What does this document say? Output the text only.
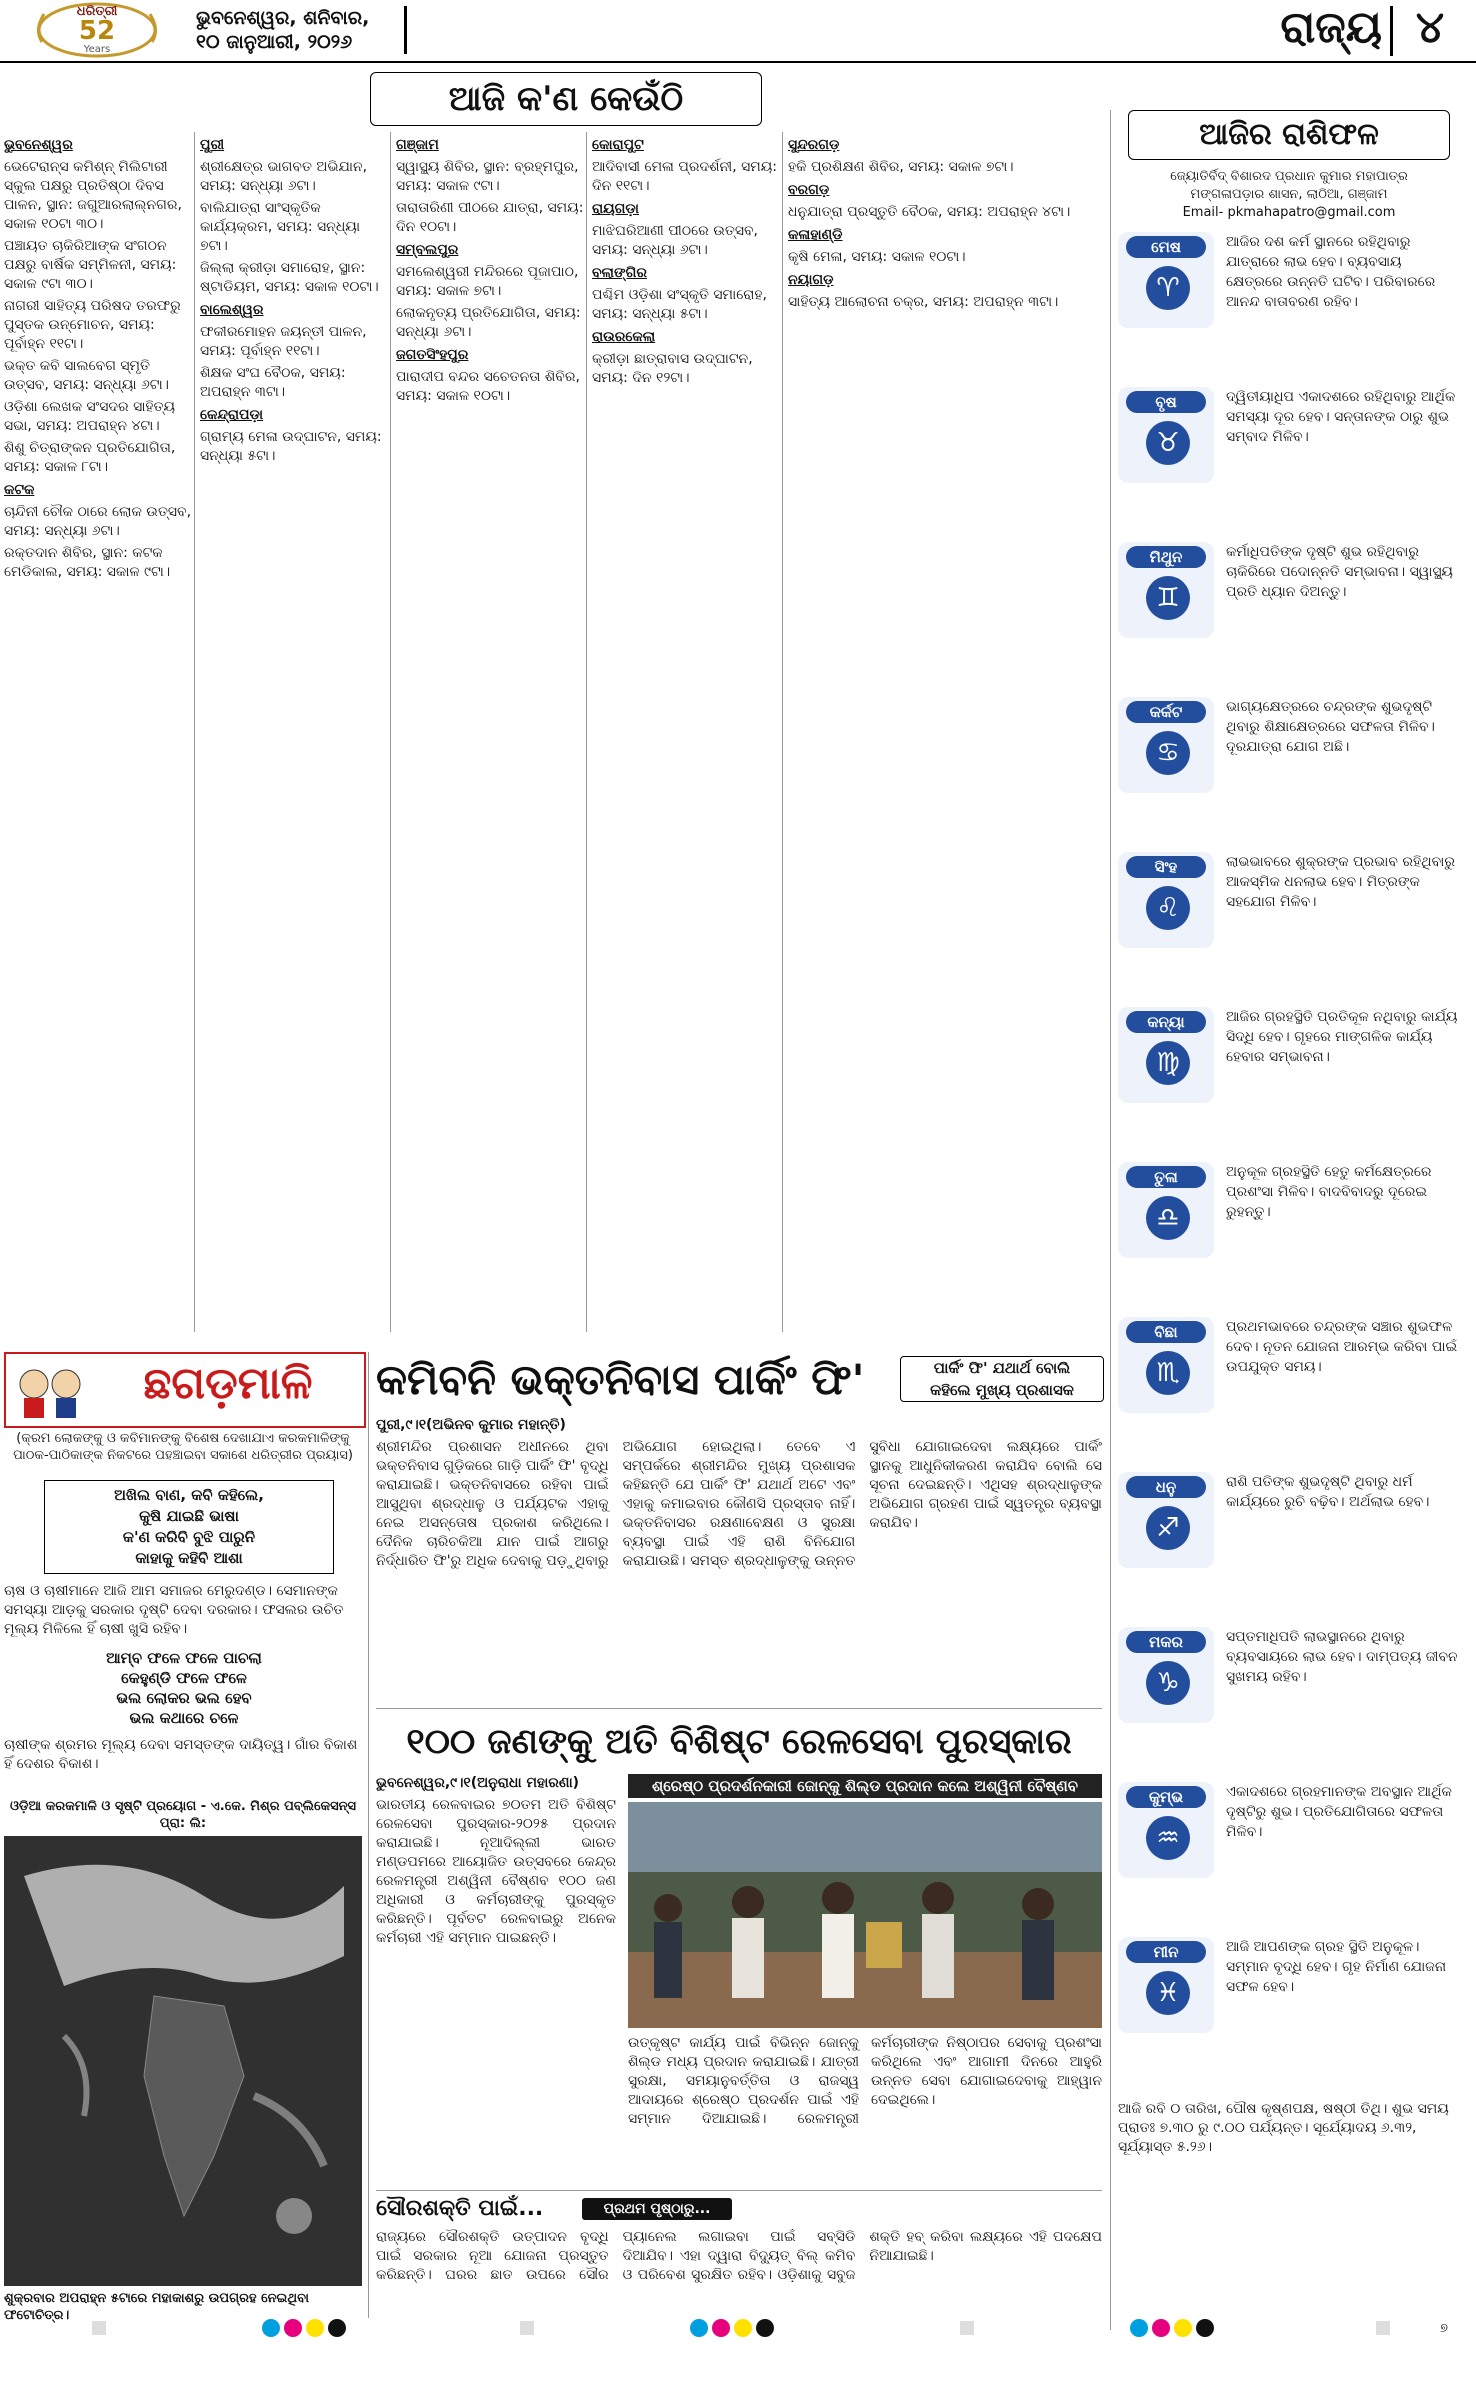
ଧରିତ୍ରୀ
52
Years
ଭୁବନେଶ୍ୱର, ଶନିବାର,
୧୦ ଜାନୁଆରୀ, ୨୦୨୬	ରାଜ୍ୟ ୪
ଆଜି କ'ଣ କେଉଁଠି

ଭୁବନେଶ୍ୱର

ଭେଟେରାନ୍ସ କମିଶ୍ନ୍ ମିଲିଟାରୀ ସ୍କୁଲ ପକ୍ଷରୁ ପ୍ରତିଷ୍ଠା ଦିବସ ପାଳନ, ସ୍ଥାନ: ଜଗୁଆରଲାଲ୍ନଗର, ସକାଳ ୧୦ଟା ୩୦।

ପଞ୍ଚାୟତ ଚାକିରିଆଙ୍କ ସଂଗଠନ ପକ୍ଷରୁ ବାର୍ଷିକ ସମ୍ମିଳନୀ, ସମୟ: ସକାଳ ୯ଟା ୩୦।

ନାଗରୀ ସାହିତ୍ୟ ପରିଷଦ ତରଫରୁ ପୁସ୍ତକ ଉନ୍ମୋଚନ, ସମୟ: ପୂର୍ବାହ୍ନ ୧୧ଟା।

ଭକ୍ତ କବି ସାଲବେଗ ସ୍ମୃତି ଉତ୍ସବ, ସମୟ: ସନ୍ଧ୍ୟା ୬ଟା।

ଓଡ଼ିଶା ଲେଖକ ସଂସଦର ସାହିତ୍ୟ ସଭା, ସମୟ: ଅପରାହ୍ନ ୪ଟା।

ଶିଶୁ ଚିତ୍ରାଙ୍କନ ପ୍ରତିଯୋଗିତା, ସମୟ: ସକାଳ ୮ଟା।

କଟକ

ଚାନ୍ଦିନୀ ଚୌକ ଠାରେ ଲୋକ ଉତ୍ସବ, ସମୟ: ସନ୍ଧ୍ୟା ୬ଟା।

ରକ୍ତଦାନ ଶିବିର, ସ୍ଥାନ: କଟକ ମେଡିକାଲ, ସମୟ: ସକାଳ ୯ଟା।

ପୁରୀ

ଶ୍ରୀକ୍ଷେତ୍ର ଭାଗବତ ଅଭିଯାନ, ସମୟ: ସନ୍ଧ୍ୟା ୬ଟା।

ବାଲିଯାତ୍ରା ସାଂସ୍କୃତିକ କାର୍ଯ୍ୟକ୍ରମ, ସମୟ: ସନ୍ଧ୍ୟା ୭ଟା।

ଜିଲ୍ଲା କ୍ରୀଡ଼ା ସମାରୋହ, ସ୍ଥାନ: ଷ୍ଟାଡିୟମ, ସମୟ: ସକାଳ ୧୦ଟା।

ବାଲେଶ୍ୱର

ଫକୀରମୋହନ ଜୟନ୍ତୀ ପାଳନ, ସମୟ: ପୂର୍ବାହ୍ନ ୧୧ଟା।

ଶିକ୍ଷକ ସଂଘ ବୈଠକ, ସମୟ: ଅପରାହ୍ନ ୩ଟା।

କେନ୍ଦ୍ରାପଡ଼ା

ଗ୍ରାମ୍ୟ ମେଳା ଉଦ୍‌ଘାଟନ, ସମୟ: ସନ୍ଧ୍ୟା ୫ଟା।

ଗଞ୍ଜାମ

ସ୍ୱାସ୍ଥ୍ୟ ଶିବିର, ସ୍ଥାନ: ବ୍ରହ୍ମପୁର, ସମୟ: ସକାଳ ୯ଟା।

ତାରାତାରିଣୀ ପୀଠରେ ଯାତ୍ରା, ସମୟ: ଦିନ ୧୦ଟା।

ସମ୍ବଲପୁର

ସମଲେଶ୍ୱରୀ ମନ୍ଦିରରେ ପୂଜାପାଠ, ସମୟ: ସକାଳ ୭ଟା।

ଲୋକନୃତ୍ୟ ପ୍ରତିଯୋଗିତା, ସମୟ: ସନ୍ଧ୍ୟା ୬ଟା।

ଜଗତସିଂହପୁର

ପାରାଦୀପ ବନ୍ଦର ସଚେତନତା ଶିବିର, ସମୟ: ସକାଳ ୧୦ଟା।

କୋରାପୁଟ

ଆଦିବାସୀ ମେଳା ପ୍ରଦର୍ଶନୀ, ସମୟ: ଦିନ ୧୧ଟା।

ରାୟଗଡ଼ା

ମାଝିଘରିଆଣୀ ପୀଠରେ ଉତ୍ସବ, ସମୟ: ସନ୍ଧ୍ୟା ୬ଟା।

ବଲାଙ୍ଗିର

ପଶ୍ଚିମ ଓଡ଼ିଶା ସଂସ୍କୃତି ସମାରୋହ, ସମୟ: ସନ୍ଧ୍ୟା ୫ଟା।

ରାଉରକେଲା

କ୍ରୀଡ଼ା ଛାତ୍ରାବାସ ଉଦ୍‌ଘାଟନ, ସମୟ: ଦିନ ୧୨ଟା।

ସୁନ୍ଦରଗଡ଼

ହକି ପ୍ରଶିକ୍ଷଣ ଶିବିର, ସମୟ: ସକାଳ ୭ଟା।

ବରଗଡ଼

ଧନୁଯାତ୍ରା ପ୍ରସ୍ତୁତି ବୈଠକ, ସମୟ: ଅପରାହ୍ନ ୪ଟା।

କଳାହାଣ୍ଡି

କୃଷି ମେଳା, ସମୟ: ସକାଳ ୧୦ଟା।

ନୟାଗଡ଼

ସାହିତ୍ୟ ଆଲୋଚନା ଚକ୍ର, ସମୟ: ଅପରାହ୍ନ ୩ଟା।

ଆଜିର ରାଶିଫଳ
ଜ୍ୟୋତିର୍ବିଦ୍‌ ବିଶାରଦ ପ୍ରଧାନ କୁମାର ମହାପାତ୍ର
ମଙ୍ଗଳାପଡ଼ାର ଶାସନ, ଲାଠିଆ, ଗଞ୍ଜାମ
Email- pkmahapatro@gmail.com
ମେଷ
♈
ଆଜିର ଦଶ କର୍ମ ସ୍ଥାନରେ ରହିଥିବାରୁ ଯାତ୍ରାରେ ଲାଭ ହେବ। ବ୍ୟବସାୟ କ୍ଷେତ୍ରରେ ଉନ୍ନତି ଘଟିବ। ପରିବାରରେ ଆନନ୍ଦ ବାତାବରଣ ରହିବ।
ବୃଷ
♉
ଦ୍ୱିତୀୟାଧିପ ଏକାଦଶରେ ରହିଥିବାରୁ ଆର୍ଥିକ ସମସ୍ୟା ଦୂର ହେବ। ସନ୍ତାନଙ୍କ ଠାରୁ ଶୁଭ ସମ୍ବାଦ ମିଳିବ।
ମିଥୁନ
♊
କର୍ମାଧିପତିଙ୍କ ଦୃଷ୍ଟି ଶୁଭ ରହିଥିବାରୁ ଚାକିରିରେ ପଦୋନ୍ନତି ସମ୍ଭାବନା। ସ୍ୱାସ୍ଥ୍ୟ ପ୍ରତି ଧ୍ୟାନ ଦିଅନ୍ତୁ।
କର୍କଟ
♋
ଭାଗ୍ୟକ୍ଷେତ୍ରରେ ଚନ୍ଦ୍ରଙ୍କ ଶୁଭଦୃଷ୍ଟି ଥିବାରୁ ଶିକ୍ଷାକ୍ଷେତ୍ରରେ ସଫଳତା ମିଳିବ। ଦୂରଯାତ୍ରା ଯୋଗ ଅଛି।
ସିଂହ
♌
ଲାଭଭାବରେ ଶୁକ୍ରଙ୍କ ପ୍ରଭାବ ରହିଥିବାରୁ ଆକସ୍ମିକ ଧନଲାଭ ହେବ। ମିତ୍ରଙ୍କ ସହଯୋଗ ମିଳିବ।
କନ୍ୟା
♍
ଆଜିର ଗ୍ରହସ୍ଥିତି ପ୍ରତିକୂଳ ନଥିବାରୁ କାର୍ଯ୍ୟ ସିଦ୍ଧି ହେବ। ଗୃହରେ ମାଙ୍ଗଳିକ କାର୍ଯ୍ୟ ହେବାର ସମ୍ଭାବନା।
ତୁଳା
♎
ଅନୁକୂଳ ଗ୍ରହସ୍ଥିତି ହେତୁ କର୍ମକ୍ଷେତ୍ରରେ ପ୍ରଶଂସା ମିଳିବ। ବାଦବିବାଦରୁ ଦୂରେଇ ରୁହନ୍ତୁ।
ବିଛା
♏
ପ୍ରଥମଭାବରେ ଚନ୍ଦ୍ରଙ୍କ ସଞ୍ଚାର ଶୁଭଫଳ ଦେବ। ନୂତନ ଯୋଜନା ଆରମ୍ଭ କରିବା ପାଇଁ ଉପଯୁକ୍ତ ସମୟ।
ଧନୁ
♐
ରାଶି ପତିଙ୍କ ଶୁଭଦୃଷ୍ଟି ଥିବାରୁ ଧର୍ମ କାର୍ଯ୍ୟରେ ରୁଚି ବଢ଼ିବ। ଅର୍ଥଲାଭ ହେବ।
ମକର
♑
ସପ୍ତମାଧିପତି ଲାଭସ୍ଥାନରେ ଥିବାରୁ ବ୍ୟବସାୟରେ ଲାଭ ହେବ। ଦାମ୍ପତ୍ୟ ଜୀବନ ସୁଖମୟ ରହିବ।
କୁମ୍ଭ
♒
ଏକାଦଶରେ ଗ୍ରହମାନଙ୍କ ଅବସ୍ଥାନ ଆର୍ଥିକ ଦୃଷ୍ଟିରୁ ଶୁଭ। ପ୍ରତିଯୋଗିତାରେ ସଫଳତା ମିଳିବ।
ମୀନ
♓
ଆଜି ଆପଣଙ୍କ ଗ୍ରହ ସ୍ଥିତି ଅନୁକୂଳ। ସମ୍ମାନ ବୃଦ୍ଧି ହେବ। ଗୃହ ନିର୍ମାଣ ଯୋଜନା ସଫଳ ହେବ।
ଆଜି ରବି ୦ ତାରିଖ, ପୌଷ କୃଷ୍ଣପକ୍ଷ, ଷଷ୍ଠୀ ତିଥି। ଶୁଭ ସମୟ ପ୍ରାତଃ ୭.୩୦ ରୁ ୯.୦୦ ପର୍ଯ୍ୟନ୍ତ। ସୂର୍ଯ୍ୟୋଦୟ ୬.୩୨, ସୂର୍ଯ୍ୟାସ୍ତ ୫.୨୬।
ଛଗଡ଼ମାଳି
(କ୍ରମ ଲୋକଙ୍କୁ ଓ କବିମାନଙ୍କୁ ବିଶେଷ ଦେଖାଯାଏ କରକମାଳିଙ୍କୁ ପାଠକ-ପାଠିକାଙ୍କ ନିକଟରେ ପହଞ୍ଚାଇବା ସକାଶେ ଧରିତ୍ରୀର ପ୍ରୟାସ)
ଅଖିଲ ବାଣ, କବି କହିଲେ,
କୁଷି ଯାଇଛି ଭାଷା
କ'ଣ କରିବି ବୁଝି ପାରୁନି
କାହାକୁ କହିବି ଆଶା
ଚାଷ ଓ ଚାଷୀମାନେ ଆଜି ଆମ ସମାଜର ମେରୁଦଣ୍ଡ। ସେମାନଙ୍କ ସମସ୍ୟା ଆଡ଼କୁ ସରକାର ଦୃଷ୍ଟି ଦେବା ଦରକାର। ଫସଲର ଉଚିତ ମୂଲ୍ୟ ମିଳିଲେ ହିଁ ଚାଷୀ ଖୁସି ରହିବ।
ଆମ୍ବ ଫଳେ ଫଳେ ପାଚଲା
କେହୁଣ୍ଡି ଫଳେ ଫଳେ
ଭଲ ଲୋକର ଭଲ ହେବ
ଭଲ କଥାରେ ଚଳେ
ଚାଷୀଙ୍କ ଶ୍ରମର ମୂଲ୍ୟ ଦେବା ସମସ୍ତଙ୍କ ଦାୟିତ୍ୱ। ଗାଁର ବିକାଶ ହିଁ ଦେଶର ବିକାଶ।
ଓଡ଼ିଆ କରକମାଳି ଓ ସୃଷ୍ଟି ପ୍ରୟୋଗ - ଏ.କେ. ମିଶ୍ର ପବ୍ଲିକେସନ୍ସ ପ୍ରା: ଲି:
ଶୁକ୍ରବାର ଅପରାହ୍ନ ୫ଟାରେ ମହାକାଶରୁ ଉପଗ୍ରହ ନେଇଥିବା ଫଟୋଚିତ୍ର।
କମିବନି ଭକ୍ତନିବାସ ପାର୍କିଂ ଫି'	ପାର୍କିଂ ଫି' ଯଥାର୍ଥ ବୋଲି
କହିଲେ ମୁଖ୍ୟ ପ୍ରଶାସକ
ପୁରୀ,୯।୧(ଅଭିନବ କୁମାର ମହାନ୍ତି)
ଶ୍ରୀମନ୍ଦିର ପ୍ରଶାସନ ଅଧୀନରେ ଥିବା ଭକ୍ତନିବାସ ଗୁଡ଼ିକରେ ଗାଡ଼ି ପାର୍କିଂ ଫି' ବୃଦ୍ଧି କରାଯାଇଛି। ଭକ୍ତନିବାସରେ ରହିବା ପାଇଁ ଆସୁଥିବା ଶ୍ରଦ୍ଧାଳୁ ଓ ପର୍ଯ୍ୟଟକ ଏହାକୁ ନେଇ ଅସନ୍ତୋଷ ପ୍ରକାଶ କରିଥିଲେ। ଦୈନିକ ଚାରିଚକିଆ ଯାନ ପାଇଁ ଆଗରୁ ନିର୍ଦ୍ଧାରିତ ଫି'ରୁ ଅଧିକ ଦେବାକୁ ପଡ଼ୁଥିବାରୁ ଅଭିଯୋଗ ହୋଇଥିଲା। ତେବେ ଏ ସମ୍ପର୍କରେ ଶ୍ରୀମନ୍ଦିର ମୁଖ୍ୟ ପ୍ରଶାସକ କହିଛନ୍ତି ଯେ ପାର୍କିଂ ଫି' ଯଥାର୍ଥ ଅଟେ ଏବଂ ଏହାକୁ କମାଇବାର କୌଣସି ପ୍ରସ୍ତାବ ନାହିଁ। ଭକ୍ତନିବାସର ରକ୍ଷଣାବେକ୍ଷଣ ଓ ସୁରକ୍ଷା ବ୍ୟବସ୍ଥା ପାଇଁ ଏହି ରାଶି ବିନିଯୋଗ କରାଯାଉଛି। ସମସ୍ତ ଶ୍ରଦ୍ଧାଳୁଙ୍କୁ ଉନ୍ନତ ସୁବିଧା ଯୋଗାଇଦେବା ଲକ୍ଷ୍ୟରେ ପାର୍କିଂ ସ୍ଥାନକୁ ଆଧୁନିକୀକରଣ କରାଯିବ ବୋଲି ସେ ସୂଚନା ଦେଇଛନ୍ତି। ଏଥିସହ ଶ୍ରଦ୍ଧାଳୁଙ୍କ ଅଭିଯୋଗ ଗ୍ରହଣ ପାଇଁ ସ୍ୱତନ୍ତ୍ର ବ୍ୟବସ୍ଥା କରାଯିବ।
୧୦୦ ଜଣଙ୍କୁ ଅତି ବିଶିଷ୍ଟ ରେଳସେବା ପୁରସ୍କାର
ଭୁବନେଶ୍ୱର,୯।୧(ଅନୁରାଧା ମହାରଣା)
ଭାରତୀୟ ରେଳବାଇର ୭୦ତମ ଅତି ବିଶିଷ୍ଟ ରେଳସେବା ପୁରସ୍କାର-୨୦୨୫ ପ୍ରଦାନ କରାଯାଇଛି। ନୂଆଦିଲ୍ଲୀ ଭାରତ ମଣ୍ଡପମରେ ଆୟୋଜିତ ଉତ୍ସବରେ କେନ୍ଦ୍ର ରେଳମନ୍ତ୍ରୀ ଅଶ୍ୱିନୀ ବୈଷ୍ଣବ ୧୦୦ ଜଣ ଅଧିକାରୀ ଓ କର୍ମଚାରୀଙ୍କୁ ପୁରସ୍କୃତ କରିଛନ୍ତି। ପୂର୍ବତଟ ରେଳବାଇରୁ ଅନେକ କର୍ମଚାରୀ ଏହି ସମ୍ମାନ ପାଇଛନ୍ତି।
ଶ୍ରେଷ୍ଠ ପ୍ରଦର୍ଶନକାରୀ ଜୋନ୍‌କୁ ଶିଲ୍ଡ ପ୍ରଦାନ କଲେ ଅଶ୍ୱିନୀ ବୈଷ୍ଣବ
ଉତ୍କୃଷ୍ଟ କାର୍ଯ୍ୟ ପାଇଁ ବିଭିନ୍ନ ଜୋନ୍‌କୁ ଶିଲ୍ଡ ମଧ୍ୟ ପ୍ରଦାନ କରାଯାଇଛି। ଯାତ୍ରୀ ସୁରକ୍ଷା, ସମୟାନୁବର୍ତ୍ତିତା ଓ ରାଜସ୍ୱ ଆଦାୟରେ ଶ୍ରେଷ୍ଠ ପ୍ରଦର୍ଶନ ପାଇଁ ଏହି ସମ୍ମାନ ଦିଆଯାଇଛି। ରେଳମନ୍ତ୍ରୀ କର୍ମଚାରୀଙ୍କ ନିଷ୍ଠାପର ସେବାକୁ ପ୍ରଶଂସା କରିଥିଲେ ଏବଂ ଆଗାମୀ ଦିନରେ ଆହୁରି ଉନ୍ନତ ସେବା ଯୋଗାଇଦେବାକୁ ଆହ୍ୱାନ ଦେଇଥିଲେ।
ସୌରଶକ୍ତି ପାଇଁ...	ପ୍ରଥମ ପୃଷ୍ଠାରୁ...
ରାଜ୍ୟରେ ସୌରଶକ୍ତି ଉତ୍ପାଦନ ବୃଦ୍ଧି ପାଇଁ ସରକାର ନୂଆ ଯୋଜନା ପ୍ରସ୍ତୁତ କରିଛନ୍ତି। ଘରର ଛାତ ଉପରେ ସୌର ପ୍ୟାନେଲ ଲଗାଇବା ପାଇଁ ସବ୍‌ସିଡି ଦିଆଯିବ। ଏହା ଦ୍ୱାରା ବିଦ୍ୟୁତ୍ ବିଲ୍ କମିବ ଓ ପରିବେଶ ସୁରକ୍ଷିତ ରହିବ। ଓଡ଼ିଶାକୁ ସବୁଜ ଶକ୍ତି ହବ୍ କରିବା ଲକ୍ଷ୍ୟରେ ଏହି ପଦକ୍ଷେପ ନିଆଯାଇଛି।
୭
